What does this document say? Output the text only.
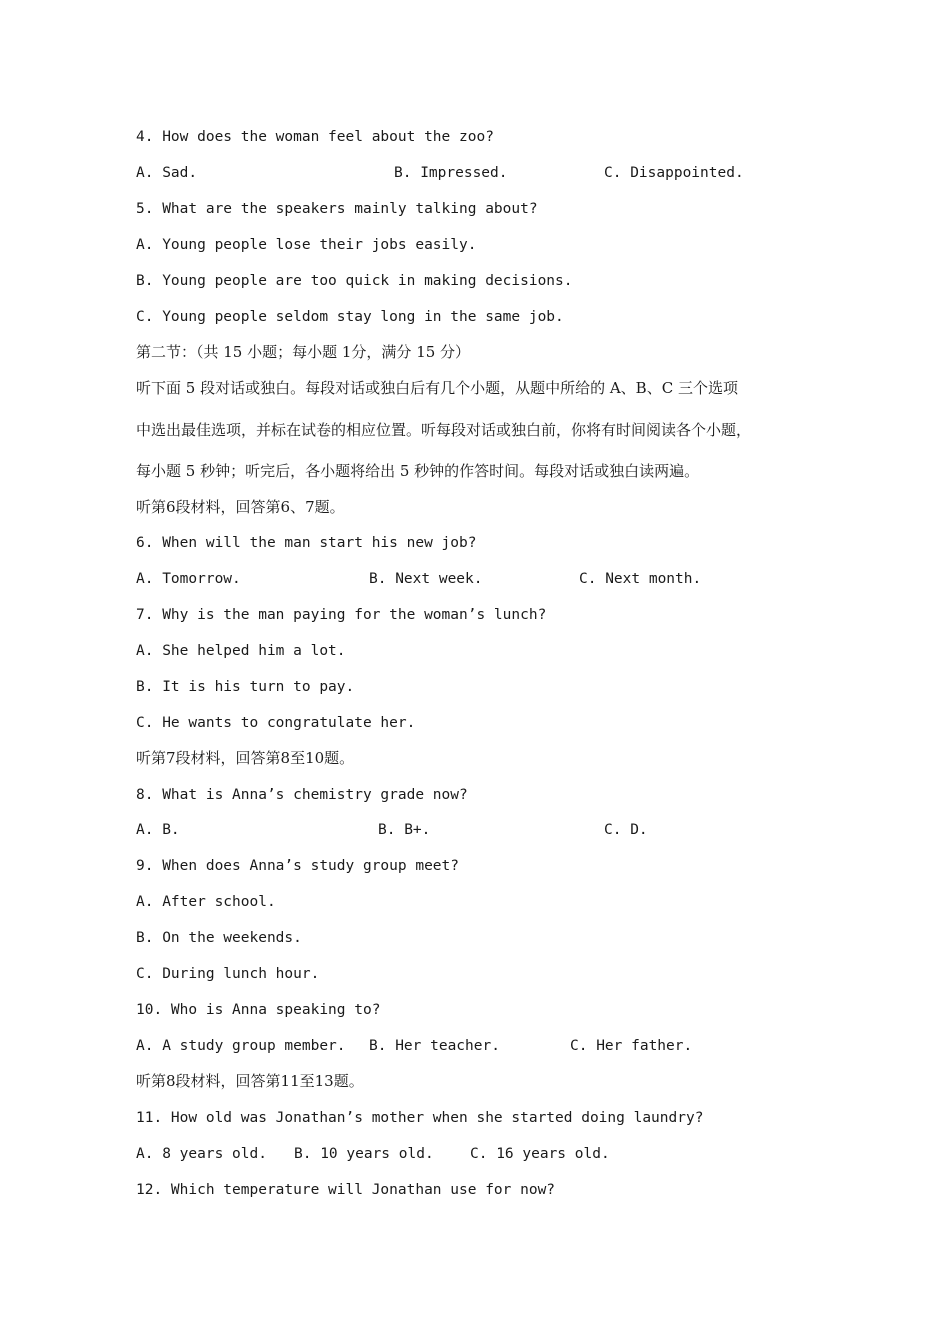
4. How does the woman feel about the zoo?
A. Sad.	B. Impressed.	C. Disappointed.
5. What are the speakers mainly talking about?
A. Young people lose their jobs easily.
B. Young people are too quick in making decisions.
C. Young people seldom stay long in the same job.
第二节：（共 15 小题；每小题 1分，满分 15 分）
听下面 5 段对话或独白。每段对话或独白后有几个小题，从题中所给的 A、B、C 三个选项
中选出最佳选项，并标在试卷的相应位置。听每段对话或独白前，你将有时间阅读各个小题，
每小题 5 秒钟；听完后，各小题将给出 5 秒钟的作答时间。每段对话或独白读两遍。
听第6段材料，回答第6、7题。
6. When will the man start his new job?
A. Tomorrow.	B. Next week.	C. Next month.
7. Why is the man paying for the woman’s lunch?
A. She helped him a lot.
B. It is his turn to pay.
C. He wants to congratulate her.
听第7段材料，回答第8至10题。
8. What is Anna’s chemistry grade now?
A. B.	B. B+.	C. D.
9. When does Anna’s study group meet?
A. After school.
B. On the weekends.
C. During lunch hour.
10. Who is Anna speaking to?
A. A study group member. B. Her teacher.	C. Her father.
听第8段材料，回答第11至13题。
11. How old was Jonathan’s mother when she started doing laundry?
A. 8 years old. B. 10 years old.	C. 16 years old.
12. Which temperature will Jonathan use for now?
